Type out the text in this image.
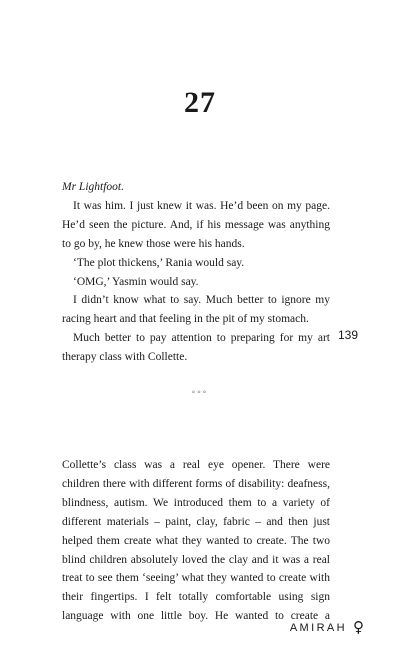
27

Mr Lightfoot.

It was him. I just knew it was. He’d been on my page. He’d seen the picture. And, if his message was anything to go by, he knew those were his hands.

‘The plot thickens,’ Rania would say.

‘OMG,’ Yasmin would say.

I didn’t know what to say. Much better to ignore my racing heart and that feeling in the pit of my stomach.

Much better to pay attention to preparing for my art therapy class with Collette.

◦◦◦

Collette’s class was a real eye opener. There were children there with different forms of disability: deafness, blindness, autism. We introduced them to a variety of different materials – paint, clay, fabric – and then just helped them create what they wanted to create. The two blind children absolutely loved the clay and it was a real treat to see them ‘seeing’ what they wanted to create with their fingertips. I felt totally comfortable using sign language with one little boy. He wanted to create a

139
AMIRAH ♀
